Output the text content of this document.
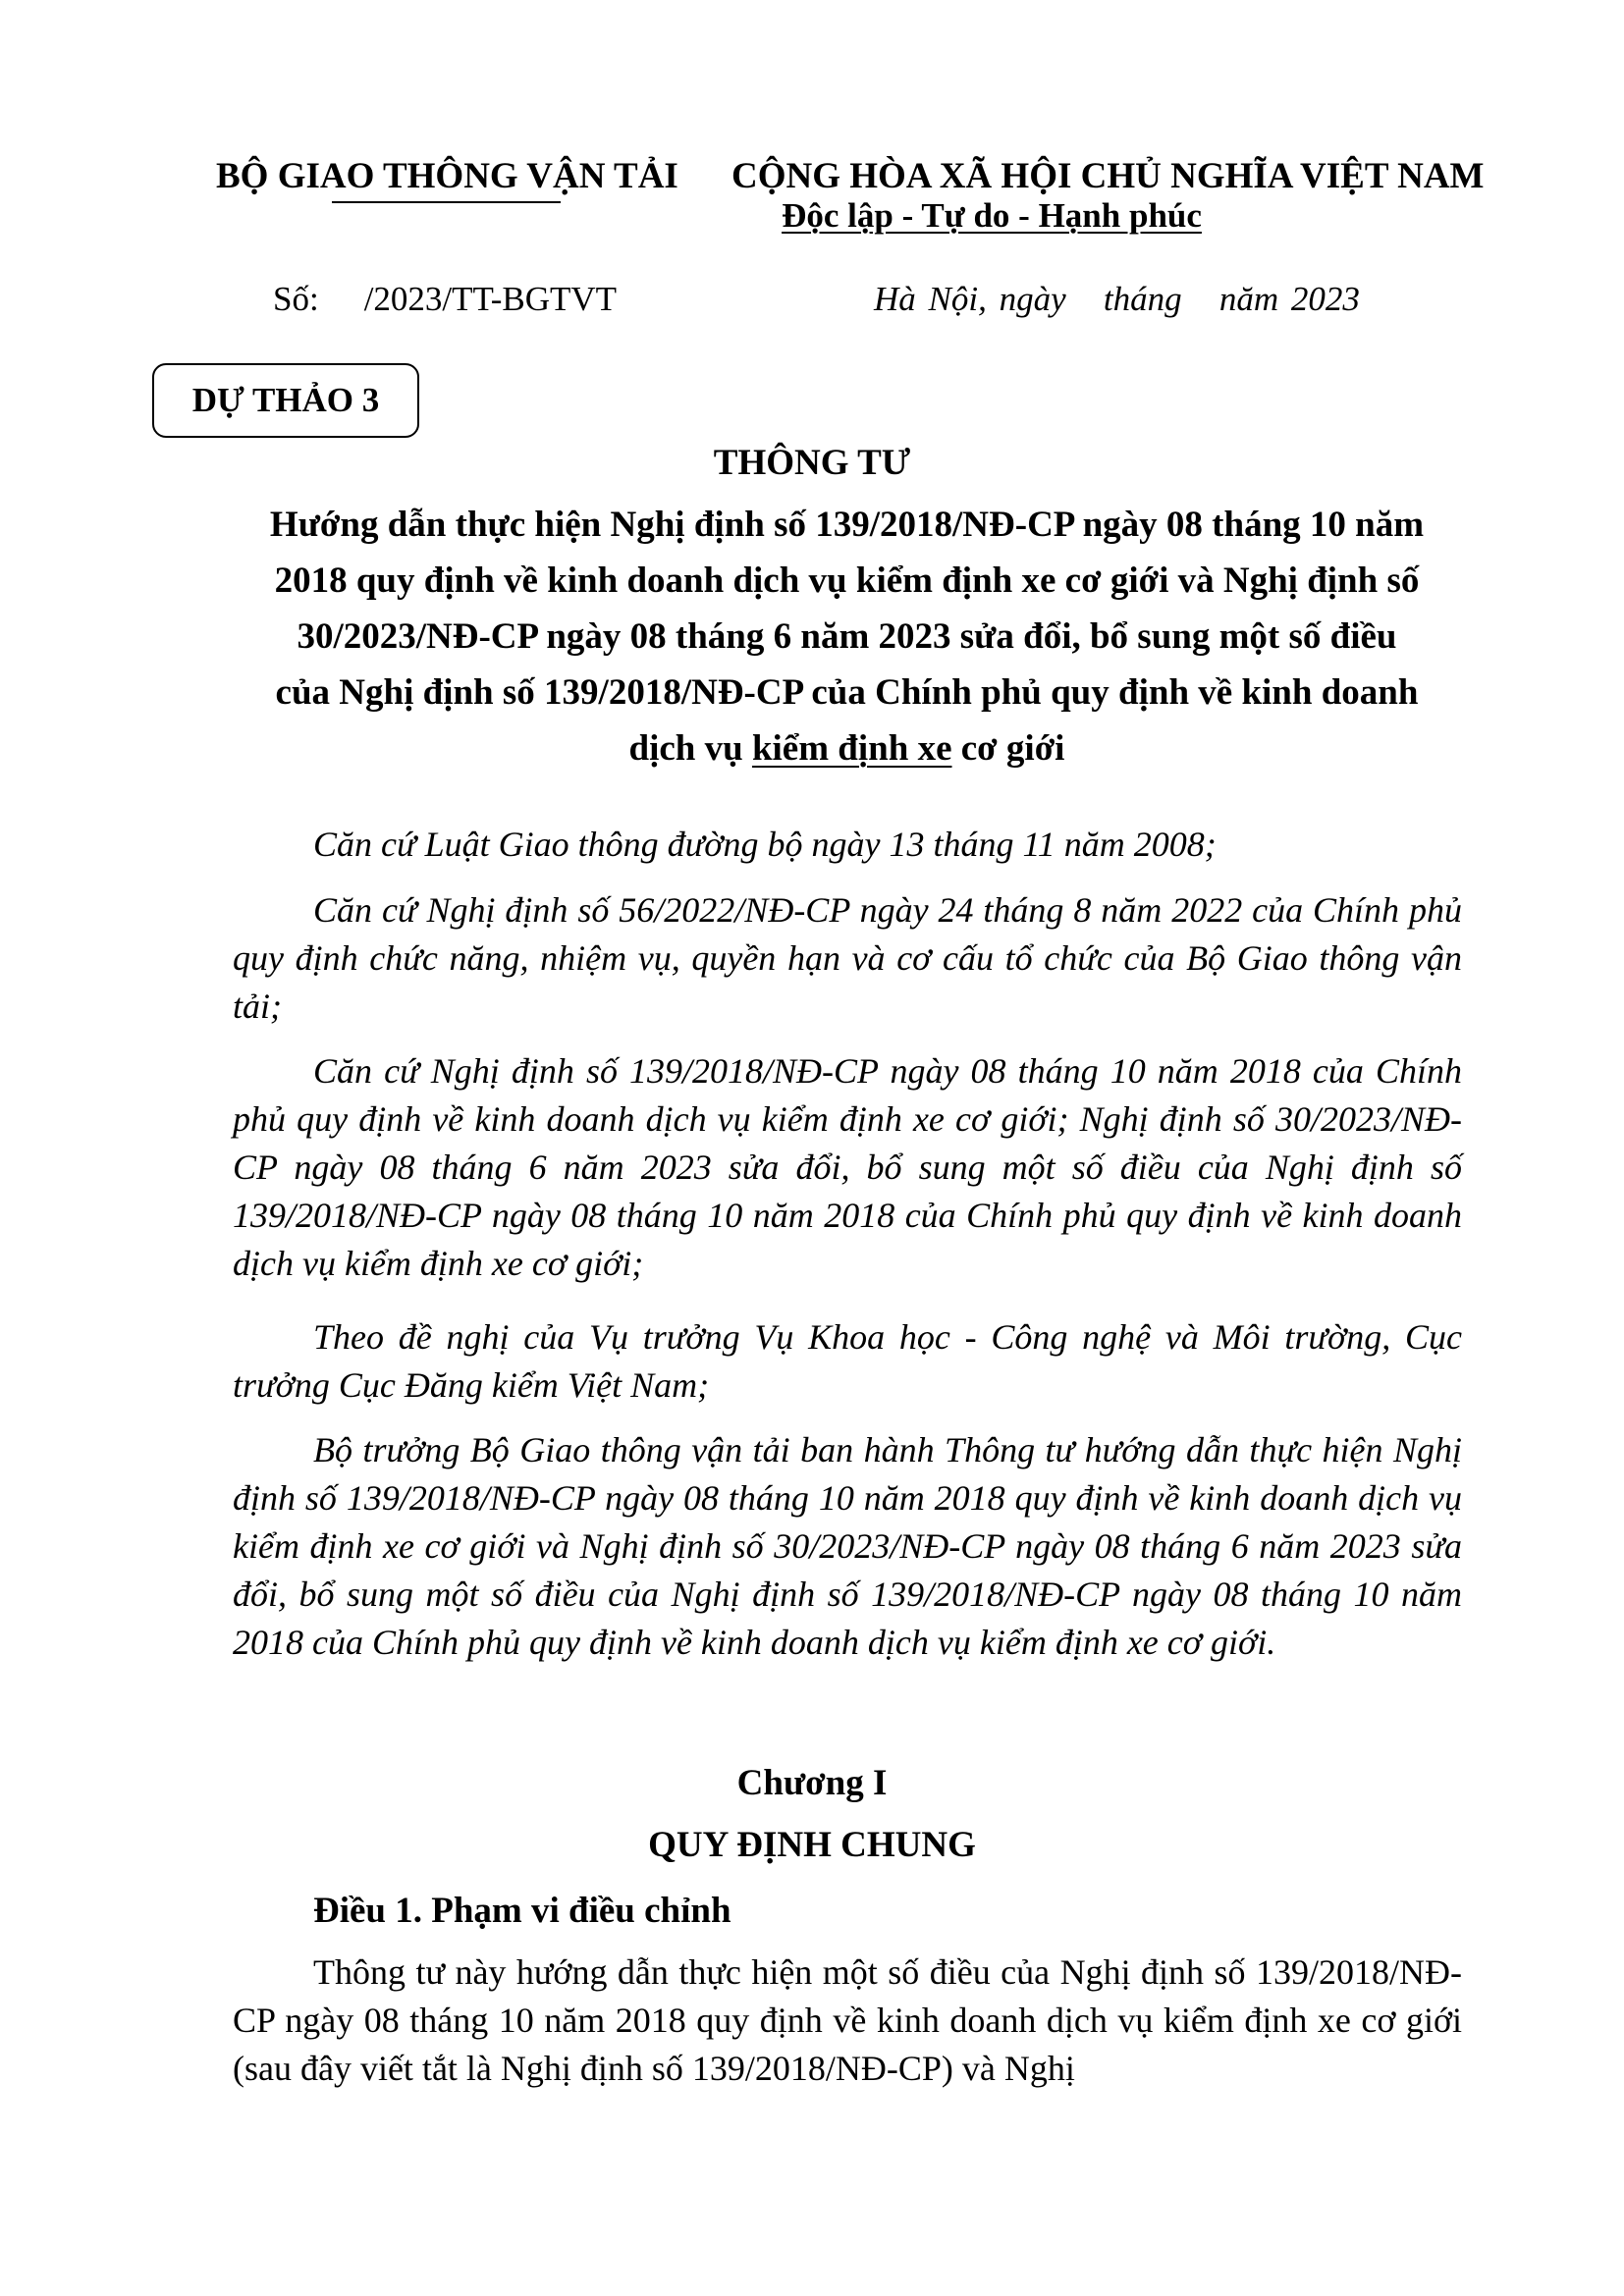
BỘ GIAO THÔNG VẬN TẢI CỘNG HÒA XÃ HỘI CHỦ NGHĨA VIỆT NAM
Độc lập - Tự do - Hạnh phúc
Số: /2023/TT-BGTVT	Hà Nội, ngày   tháng   năm 2023
DỰ THẢO 3
THÔNG TƯ
Hướng dẫn thực hiện Nghị định số 139/2018/NĐ-CP ngày 08 tháng 10 năm
2018 quy định về kinh doanh dịch vụ kiểm định xe cơ giới và Nghị định số
30/2023/NĐ-CP ngày 08 tháng 6 năm 2023 sửa đổi, bổ sung một số điều
của Nghị định số 139/2018/NĐ-CP của Chính phủ quy định về kinh doanh
dịch vụ kiểm định xe cơ giới
Căn cứ Luật Giao thông đường bộ ngày 13 tháng 11 năm 2008;
Căn cứ Nghị định số 56/2022/NĐ-CP ngày 24 tháng 8 năm 2022 của Chính phủ quy định chức năng, nhiệm vụ, quyền hạn và cơ cấu tổ chức của Bộ Giao thông vận tải;
Căn cứ Nghị định số 139/2018/NĐ-CP ngày 08 tháng 10 năm 2018 của Chính phủ quy định về kinh doanh dịch vụ kiểm định xe cơ giới; Nghị định số 30/2023/NĐ-CP ngày 08 tháng 6 năm 2023 sửa đổi, bổ sung một số điều của Nghị định số 139/2018/NĐ-CP ngày 08 tháng 10 năm 2018 của Chính phủ quy định về kinh doanh dịch vụ kiểm định xe cơ giới;
Theo đề nghị của Vụ trưởng Vụ Khoa học - Công nghệ và Môi trường, Cục trưởng Cục Đăng kiểm Việt Nam;
Bộ trưởng Bộ Giao thông vận tải ban hành Thông tư hướng dẫn thực hiện Nghị định số 139/2018/NĐ-CP ngày 08 tháng 10 năm 2018 quy định về kinh doanh dịch vụ kiểm định xe cơ giới và Nghị định số 30/2023/NĐ-CP ngày 08 tháng 6 năm 2023 sửa đổi, bổ sung một số điều của Nghị định số 139/2018/NĐ-CP ngày 08 tháng 10 năm 2018 của Chính phủ quy định về kinh doanh dịch vụ kiểm định xe cơ giới.
Chương I
QUY ĐỊNH CHUNG
Điều 1. Phạm vi điều chỉnh
Thông tư này hướng dẫn thực hiện một số điều của Nghị định số 139/2018/NĐ-CP ngày 08 tháng 10 năm 2018 quy định về kinh doanh dịch vụ kiểm định xe cơ giới (sau đây viết tắt là Nghị định số 139/2018/NĐ-CP) và Nghị
